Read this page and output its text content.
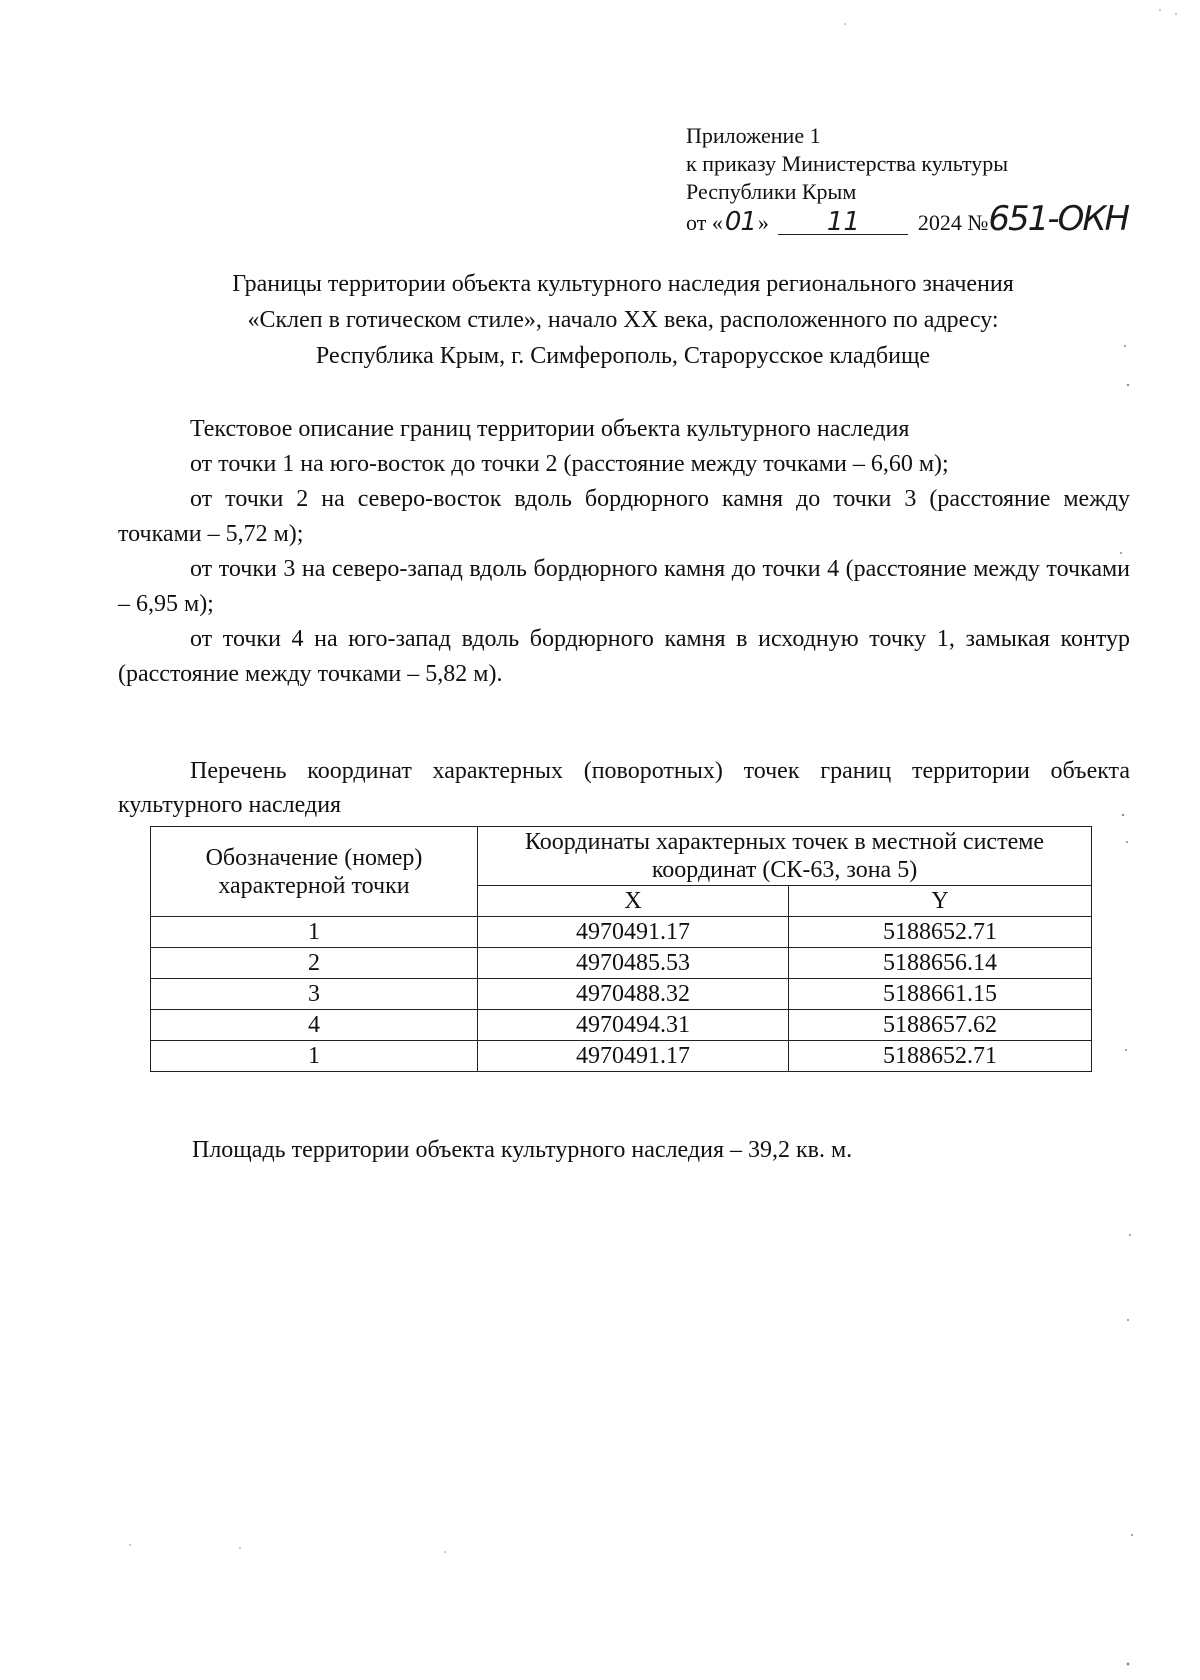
Приложение 1
к приказу Министерства культуры
Республики Крым
от «01» 11	2024 №651-ОКН
Границы территории объекта культурного наследия регионального значения
«Склеп в готическом стиле», начало XX века, расположенного по адресу:
Республика Крым, г. Симферополь, Старорусское кладбище

Текстовое описание границ территории объекта культурного наследия

от точки 1 на юго-восток до точки 2 (расстояние между точками – 6,60 м);

от точки 2 на северо-восток вдоль бордюрного камня до точки 3 (расстояние между точками – 5,72 м);

от точки 3 на северо-запад вдоль бордюрного камня до точки 4 (расстояние между точками – 6,95 м);

от точки 4 на юго-запад вдоль бордюрного камня в исходную точку 1, замыкая контур (расстояние между точками – 5,82 м).

Перечень координат характерных (поворотных) точек границ территории объекта культурного наследия

Обозначение (номер) характерной точки	Координаты характерных точек в местной системе координат (СК-63, зона 5)	
	X	Y
1	4970491.17	5188652.71
2	4970485.53	5188656.14
3	4970488.32	5188661.15
4	4970494.31	5188657.62
1	4970491.17	5188652.71

Площадь территории объекта культурного наследия – 39,2 кв. м.
